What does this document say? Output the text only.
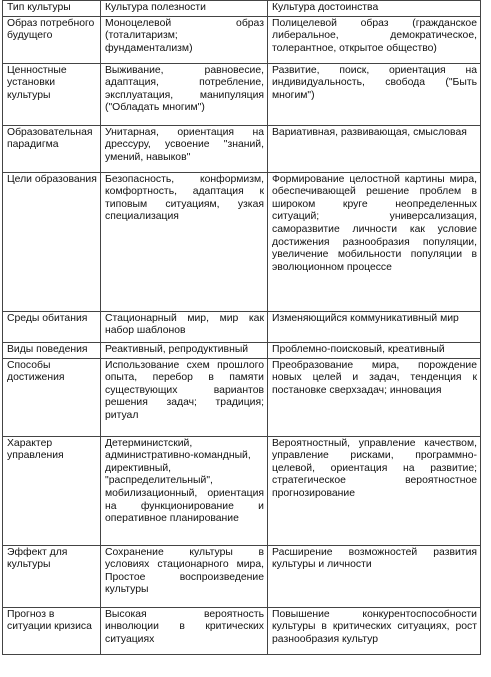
Тип культуры	Культура полезности	Культура достоинства
Образ потребного будущего	Моноцелевой образ (тоталитаризм; фундаментализм)	Полицелевой образ (гражданское либеральное, демократическое, толерантное, открытое общество)
Ценностные установки культуры	Выживание, равновесие, адаптация, потребление, эксплуатация, манипуляция ("Обладать многим")	Развитие, поиск, ориентация на индивидуальность, свобода ("Быть многим")
Образовательная парадигма	Унитарная, ориентация на дрессуру, усвоение "знаний, умений, навыков"	Вариативная, развивающая, смысловая
Цели образования	Безопасность, конформизм, комфортность, адаптация к типовым ситуациям, узкая специализация	Формирование целостной картины мира, обеспечивающей решение проблем в широком круге неопределенных ситуаций; универсализация, саморазвитие личности как условие достижения разнообразия популяции, увеличение мобильности популяции в эволюционном процессе
Среды обитания	Стационарный мир, мир как набор шаблонов	Изменяющийся коммуникативный мир
Виды поведения	Реактивный, репродуктивный	Проблемно-поисковый, креативный
Способы достижения	Использование схем прошлого опыта, перебор в памяти существующих вариантов решения задач; традиция; ритуал	Преобразование мира, порождение новых целей и задач, тенденция к постановке сверхзадач; инновация
Характер управления	Детерминистский, административно-командный, директивный, "распределительный", мобилизационный, ориентация на функционирование и оперативное планирование	Вероятностный, управление качеством, управление рисками, программно-целевой, ориентация на развитие; стратегическое вероятностное прогнозирование
Эффект для культуры	Сохранение культуры в условиях стационарного мира, Простое воспроизведение культуры	Расширение возможностей развития культуры и личности
Прогноз в ситуации кризиса	Высокая вероятность инволюции в критических ситуациях	Повышение конкурентоспособности культуры в критических ситуациях, рост разнообразия культур
